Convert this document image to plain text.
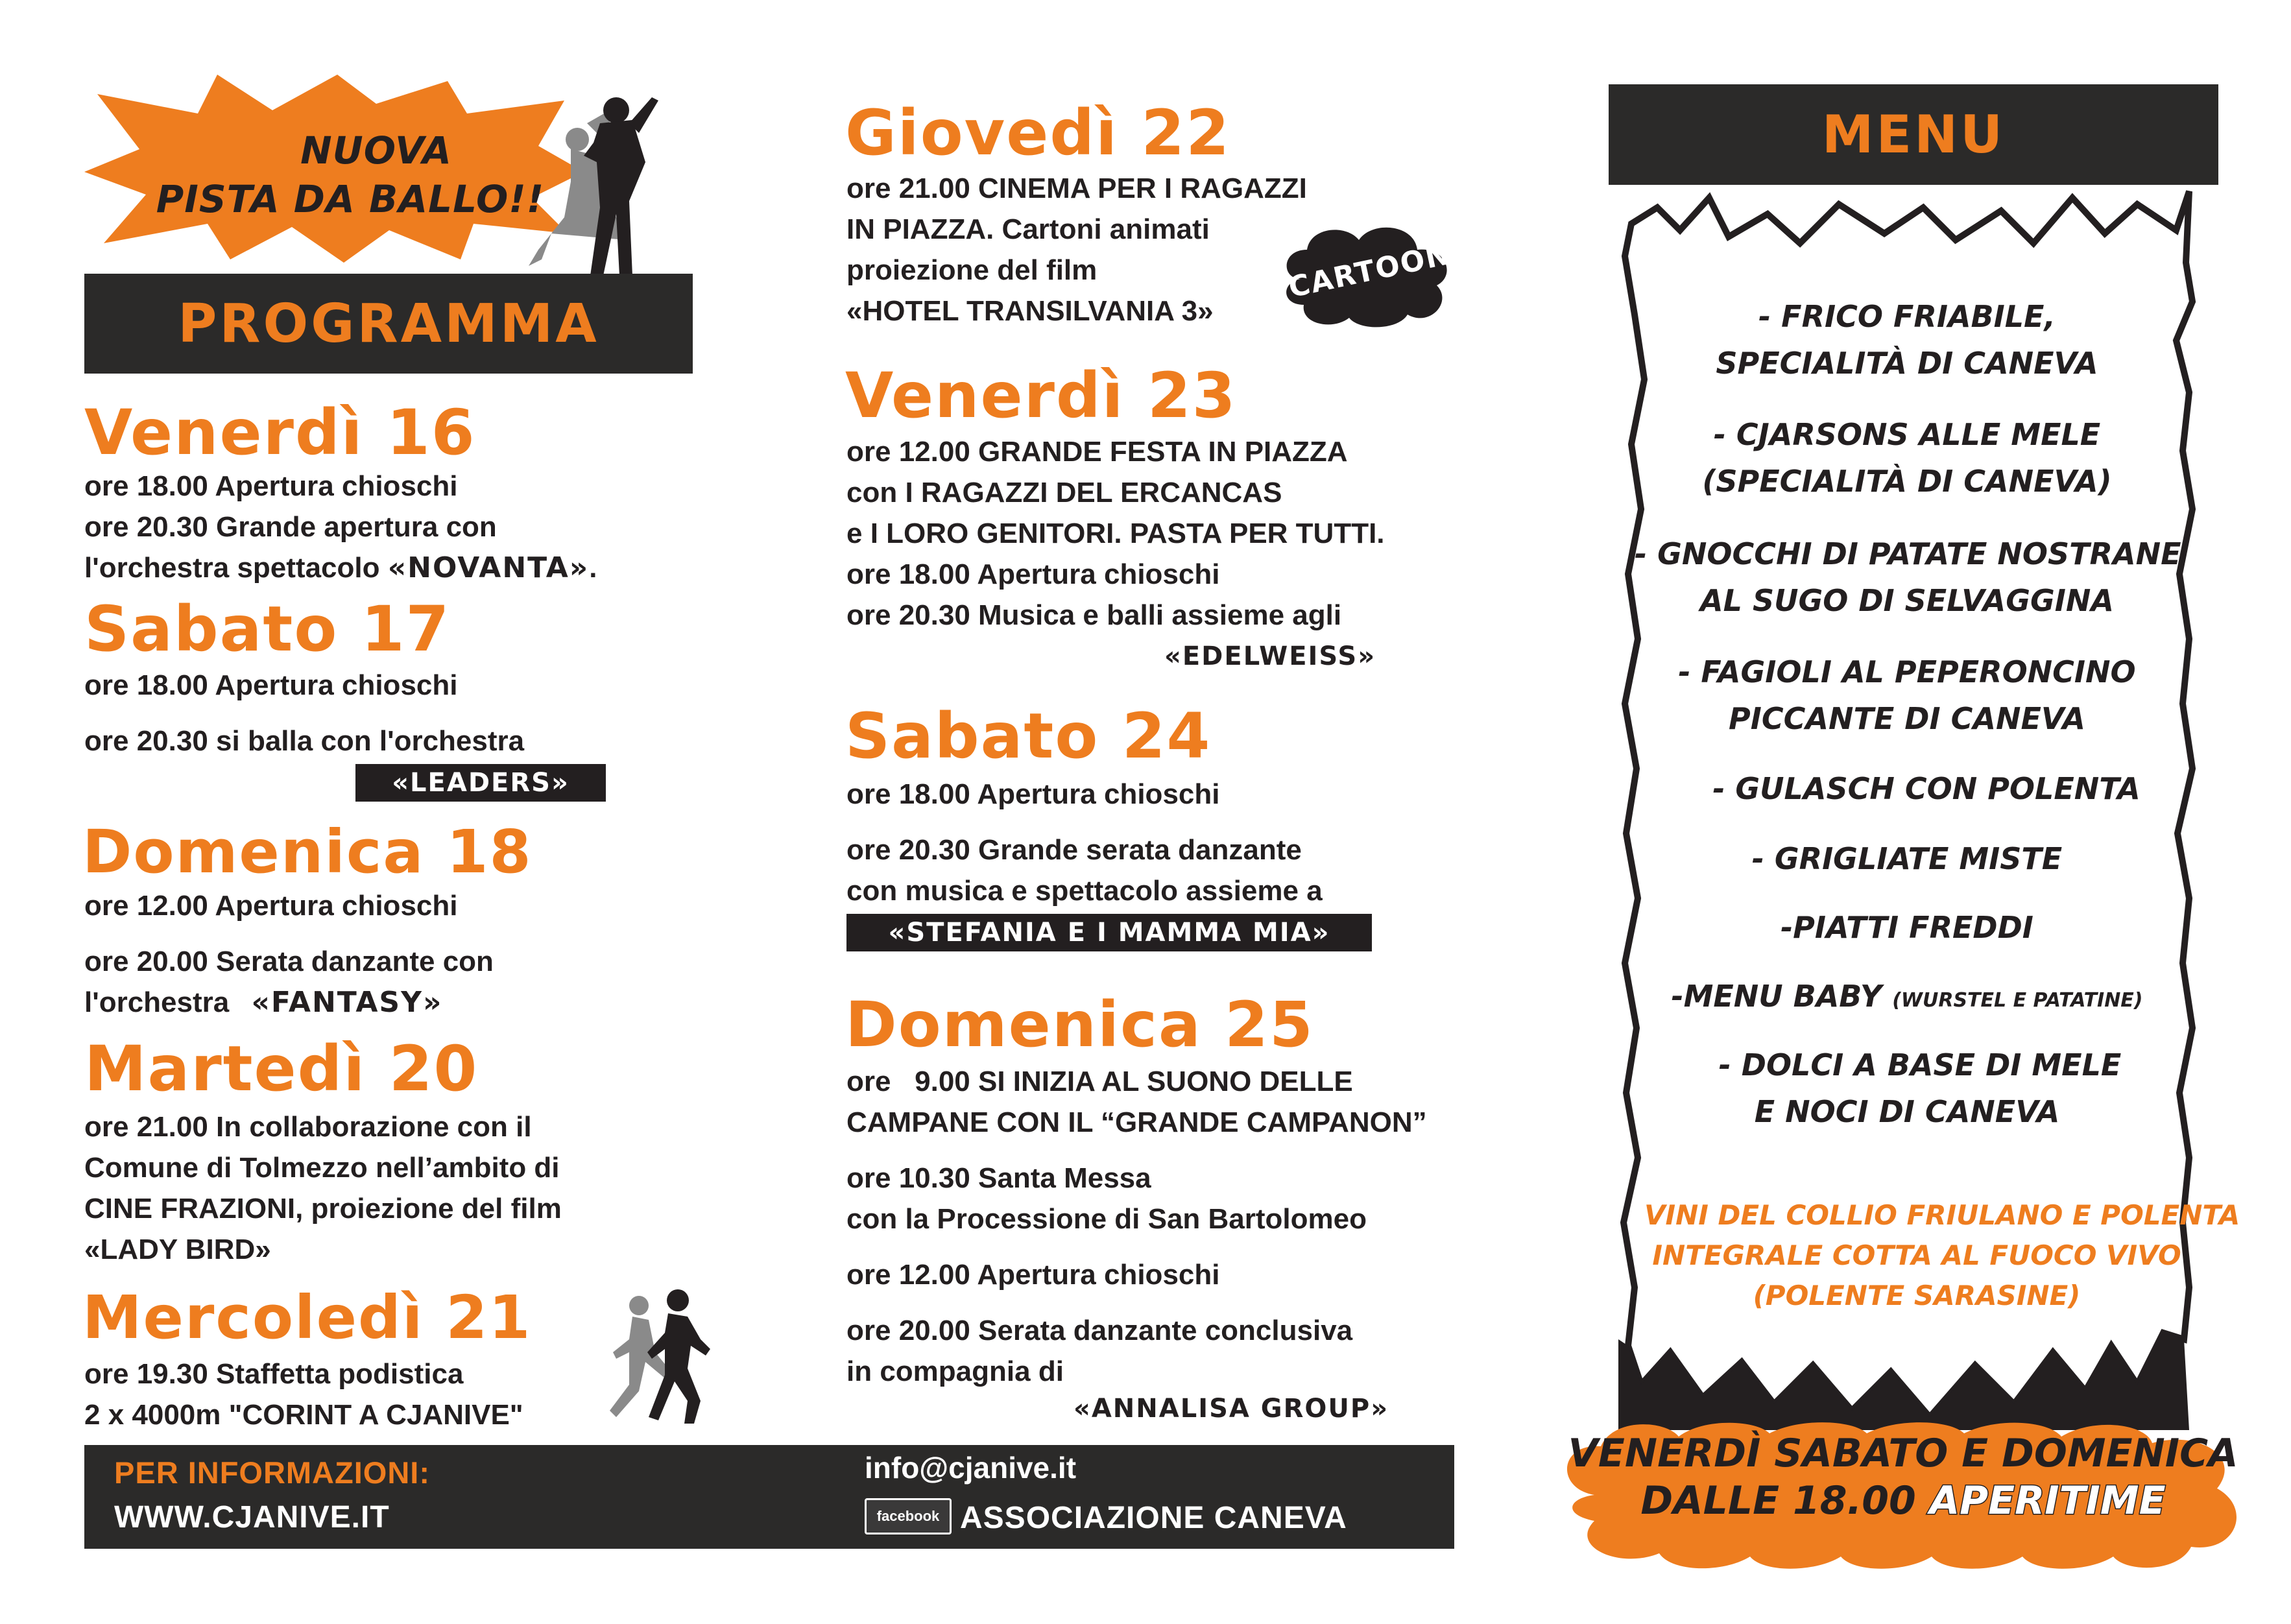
NUOVA
PISTA DA BALLO!!
PROGRAMMA
Venerdì 16
ore 18.00 Apertura chioschi
ore 20.30 Grande apertura con
l'orchestra spettacolo «NOVANTA».
Sabato 17
ore 18.00 Apertura chioschi
ore 20.30 si balla con l'orchestra
«LEADERS»
Domenica 18
ore 12.00 Apertura chioschi
ore 20.00 Serata danzante con
l'orchestra «FANTASY»
Martedì 20
ore 21.00 In collaborazione con il
Comune di Tolmezzo nell’ambito di
CINE FRAZIONI, proiezione del film
«LADY BIRD»
Mercoledì 21
ore 19.30 Staffetta podistica
2 x 4000m "CORINT A CJANIVE"
PER INFORMAZIONI:
WWW.CJANIVE.IT
info@cjanive.it
facebook ASSOCIAZIONE CANEVA
Giovedì 22
ore 21.00 CINEMA PER I RAGAZZI
IN PIAZZA. Cartoni animati
proiezione del film
«HOTEL TRANSILVANIA 3»
CARTOON
Venerdì 23
ore 12.00 GRANDE FESTA IN PIAZZA
con I RAGAZZI DEL ERCANCAS
e I LORO GENITORI. PASTA PER TUTTI.
ore 18.00 Apertura chioschi
ore 20.30 Musica e balli assieme agli
«EDELWEISS»
Sabato 24
ore 18.00 Apertura chioschi
ore 20.30 Grande serata danzante
con musica e spettacolo assieme a
«STEFANIA E I MAMMA MIA»
Domenica 25
ore   9.00 SI INIZIA AL SUONO DELLE
CAMPANE CON IL “GRANDE CAMPANON”
ore 10.30 Santa Messa
con la Processione di San Bartolomeo
ore 12.00 Apertura chioschi
ore 20.00 Serata danzante conclusiva
in compagnia di
«ANNALISA GROUP»
MENU
- FRICO FRIABILE,
SPECIALITÀ DI CANEVA
- CJARSONS ALLE MELE
(SPECIALITÀ DI CANEVA)
- GNOCCHI DI PATATE NOSTRANE
AL SUGO DI SELVAGGINA
- FAGIOLI AL PEPERONCINO
PICCANTE DI CANEVA
- GULASCH CON POLENTA
- GRIGLIATE MISTE
-PIATTI FREDDI
-MENU BABY (WURSTEL E PATATINE)
- DOLCI A BASE DI MELE
E NOCI DI CANEVA
VINI DEL COLLIO FRIULANO E POLENTA
INTEGRALE COTTA AL FUOCO VIVO
(POLENTE SARASINE)
VENERDÌ SABATO E DOMENICA
DALLE 18.00 APERITIME
